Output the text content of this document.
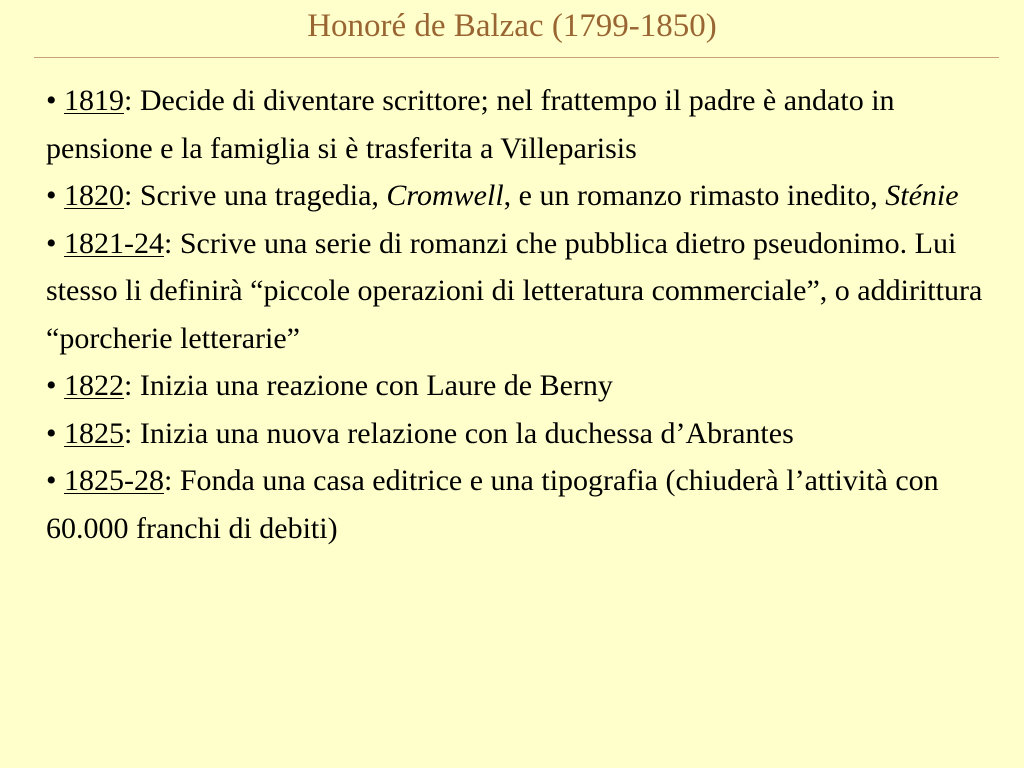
Honoré de Balzac (1799-1850)

• 1819: Decide di diventare scrittore; nel frattempo il padre è andato in pensione e la famiglia si è trasferita a Villeparisis

• 1820: Scrive una tragedia, Cromwell, e un romanzo rimasto inedito, Sténie

• 1821-24: Scrive una serie di romanzi che pubblica dietro pseudonimo. Lui stesso li definirà “piccole operazioni di letteratura commerciale”, o addirittura “porcherie letterarie”

• 1822: Inizia una reazione con Laure de Berny

• 1825: Inizia una nuova relazione con la duchessa d’Abrantes

• 1825-28: Fonda una casa editrice e una tipografia (chiuderà l’attività con 60.000 franchi di debiti)
